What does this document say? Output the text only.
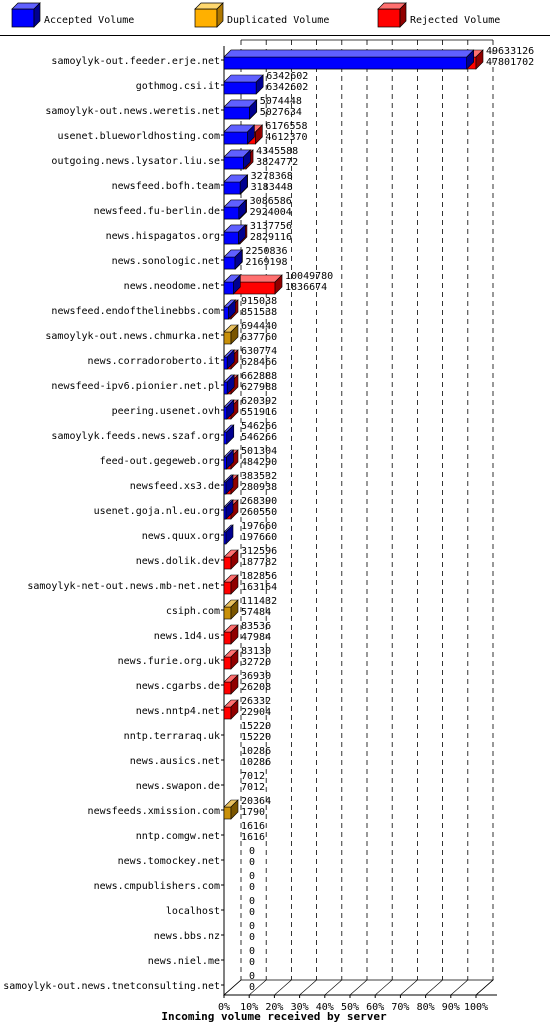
Accepted Volume	Duplicated Volume	Rejected Volume
0% 10% 20% 30% 40% 50% 60% 70% 80% 90% 100%
samoylyk-out.feeder.erje.net
49633126
47801702
gothmog.csi.it
6342602
6342602
samoylyk-out.news.weretis.net
5074448
5027634
usenet.blueworldhosting.com
6176558
4612370
outgoing.news.lysator.liu.se
4345588
3824772
newsfeed.bofh.team
3278368
3183448
newsfeed.fu-berlin.de
3086586
2924004
news.hispagatos.org
3137756
2829116
news.sonologic.net
2250836
2169198
news.neodome.net
10049780
1836674
newsfeed.endofthelinebbs.com
915038
851538
samoylyk-out.news.chmurka.net
694440
637760
news.corradoroberto.it
630774
628466
newsfeed-ipv6.pionier.net.pl
662888
627988
peering.usenet.ovh
620392
551916
samoylyk.feeds.news.szaf.org
546266
546266
feed-out.gegeweb.org
501304
484290
newsfeed.xs3.de
383532
280938
usenet.goja.nl.eu.org
268390
260550
news.quux.org
197660
197660
news.dolik.dev
312596
187782
samoylyk-net-out.news.mb-net.net
182856
163164
csiph.com
111432
57484
news.1d4.us
83536
47984
news.furie.org.uk
83130
32720
news.cgarbs.de
36930
26208
news.nntp4.net
26332
22904
nntp.terraraq.uk
15220
15220
news.ausics.net
10286
10286
news.swapon.de
7012
7012
newsfeeds.xmission.com
20364
1790
nntp.comgw.net
1616
1616
news.tomockey.net
0
0
news.cmpublishers.com
0
0
localhost
0
0
news.bbs.nz
0
0
news.niel.me
0
0
samoylyk-out.news.tnetconsulting.net
0
0
Incoming volume received by server
